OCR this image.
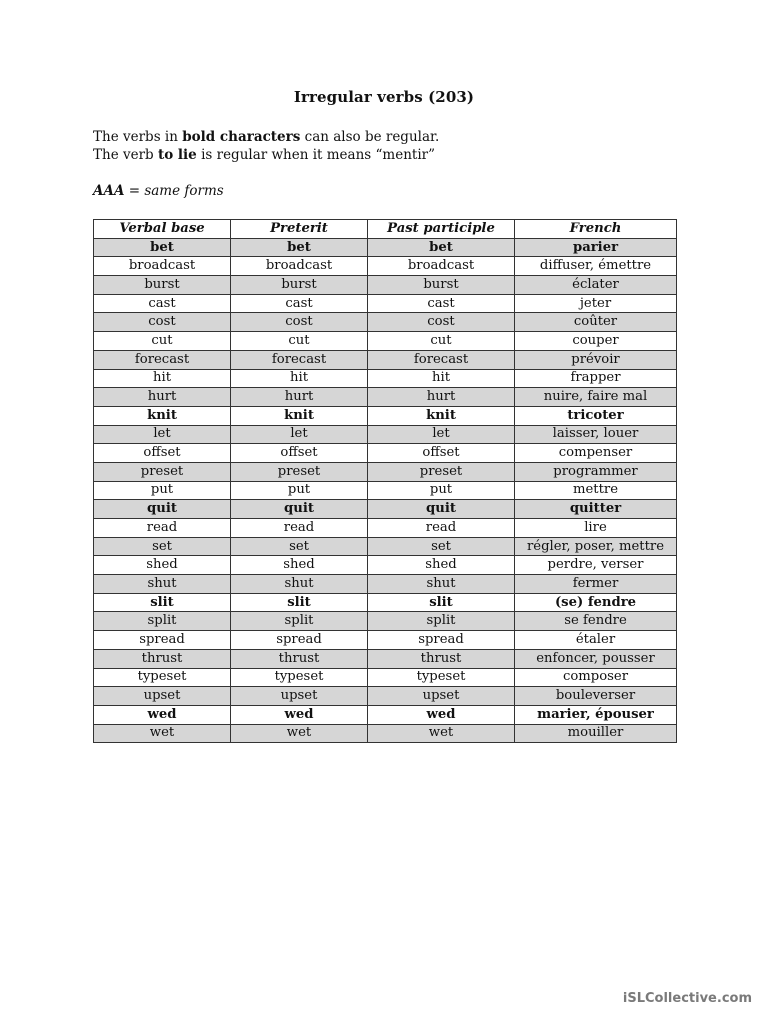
Irregular verbs (203)
The verbs in bold characters can also be regular.
The verb to lie is regular when it means “mentir”
AAA = same forms
Verbal base	Preterit	Past participle	French
bet	bet	bet	parier
broadcast	broadcast	broadcast	diffuser, émettre
burst	burst	burst	éclater
cast	cast	cast	jeter
cost	cost	cost	coûter
cut	cut	cut	couper
forecast	forecast	forecast	prévoir
hit	hit	hit	frapper
hurt	hurt	hurt	nuire, faire mal
knit	knit	knit	tricoter
let	let	let	laisser, louer
offset	offset	offset	compenser
preset	preset	preset	programmer
put	put	put	mettre
quit	quit	quit	quitter
read	read	read	lire
set	set	set	régler, poser, mettre
shed	shed	shed	perdre, verser
shut	shut	shut	fermer
slit	slit	slit	(se) fendre
split	split	split	se fendre
spread	spread	spread	étaler
thrust	thrust	thrust	enfoncer, pousser
typeset	typeset	typeset	composer
upset	upset	upset	bouleverser
wed	wed	wed	marier, épouser
wet	wet	wet	mouiller
iSLCollective.com
